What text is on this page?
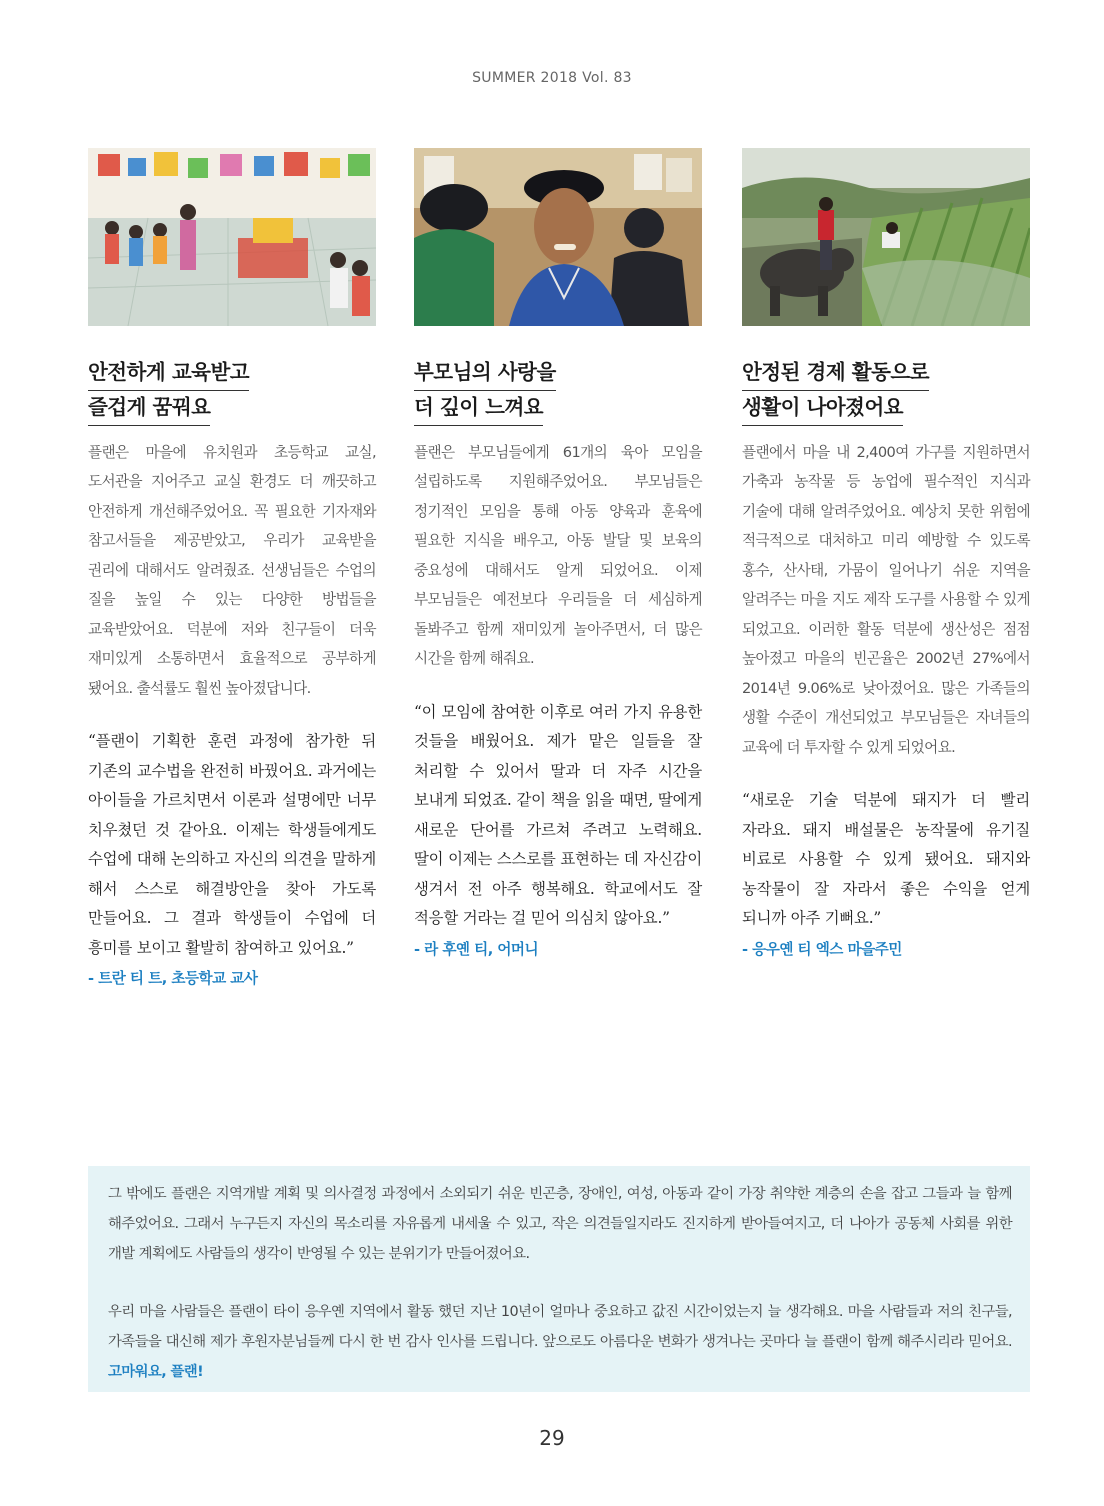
SUMMER 2018 Vol. 83
안전하게 교육받고
즐겁게 꿈꿔요
플랜은 마을에 유치원과 초등학교 교실, 도서관을 지어주고 교실 환경도 더 깨끗하고 안전하게 개선해주었어요. 꼭 필요한 기자재와 참고서들을 제공받았고, 우리가 교육받을 권리에 대해서도 알려줬죠. 선생님들은 수업의 질을 높일 수 있는 다양한 방법들을 교육받았어요. 덕분에 저와 친구들이 더욱 재미있게 소통하면서 효율적으로 공부하게 됐어요. 출석률도 훨씬 높아졌답니다.
“플랜이 기획한 훈련 과정에 참가한 뒤 기존의 교수법을 완전히 바꿨어요. 과거에는 아이들을 가르치면서 이론과 설명에만 너무 치우쳤던 것 같아요. 이제는 학생들에게도 수업에 대해 논의하고 자신의 의견을 말하게 해서 스스로 해결방안을 찾아 가도록 만들어요. 그 결과 학생들이 수업에 더 흥미를 보이고 활발히 참여하고 있어요.”
- 트란 티 트, 초등학교 교사
부모님의 사랑을
더 깊이 느껴요
플랜은 부모님들에게 61개의 육아 모임을 설립하도록 지원해주었어요. 부모님들은 정기적인 모임을 통해 아동 양육과 훈육에 필요한 지식을 배우고, 아동 발달 및 보육의 중요성에 대해서도 알게 되었어요. 이제 부모님들은 예전보다 우리들을 더 세심하게 돌봐주고 함께 재미있게 놀아주면서, 더 많은 시간을 함께 해줘요.
“이 모임에 참여한 이후로 여러 가지 유용한 것들을 배웠어요. 제가 맡은 일들을 잘 처리할 수 있어서 딸과 더 자주 시간을 보내게 되었죠. 같이 책을 읽을 때면, 딸에게 새로운 단어를 가르쳐 주려고 노력해요. 딸이 이제는 스스로를 표현하는 데 자신감이 생겨서 전 아주 행복해요. 학교에서도 잘 적응할 거라는 걸 믿어 의심치 않아요.”
- 라 후옌 티, 어머니
안정된 경제 활동으로
생활이 나아졌어요
플랜에서 마을 내 2,400여 가구를 지원하면서 가축과 농작물 등 농업에 필수적인 지식과 기술에 대해 알려주었어요. 예상치 못한 위험에 적극적으로 대처하고 미리 예방할 수 있도록 홍수, 산사태, 가뭄이 일어나기 쉬운 지역을 알려주는 마을 지도 제작 도구를 사용할 수 있게 되었고요. 이러한 활동 덕분에 생산성은 점점 높아졌고 마을의 빈곤율은 2002년 27%에서 2014년 9.06%로 낮아졌어요. 많은 가족들의 생활 수준이 개선되었고 부모님들은 자녀들의 교육에 더 투자할 수 있게 되었어요.
“새로운 기술 덕분에 돼지가 더 빨리 자라요. 돼지 배설물은 농작물에 유기질 비료로 사용할 수 있게 됐어요. 돼지와 농작물이 잘 자라서 좋은 수익을 얻게 되니까 아주 기뻐요.”
- 응우옌 티 엑스 마을주민

그 밖에도 플랜은 지역개발 계획 및 의사결정 과정에서 소외되기 쉬운 빈곤층, 장애인, 여성, 아동과 같이 가장 취약한 계층의 손을 잡고 그들과 늘 함께 해주었어요. 그래서 누구든지 자신의 목소리를 자유롭게 내세울 수 있고, 작은 의견들일지라도 진지하게 받아들여지고, 더 나아가 공동체 사회를 위한 개발 계획에도 사람들의 생각이 반영될 수 있는 분위기가 만들어졌어요.

우리 마을 사람들은 플랜이 타이 응우옌 지역에서 활동 했던 지난 10년이 얼마나 중요하고 값진 시간이었는지 늘 생각해요. 마을 사람들과 저의 친구들, 가족들을 대신해 제가 후원자분님들께 다시 한 번 감사 인사를 드립니다. 앞으로도 아름다운 변화가 생겨나는 곳마다 늘 플랜이 함께 해주시리라 믿어요. 고마워요, 플랜!

29
